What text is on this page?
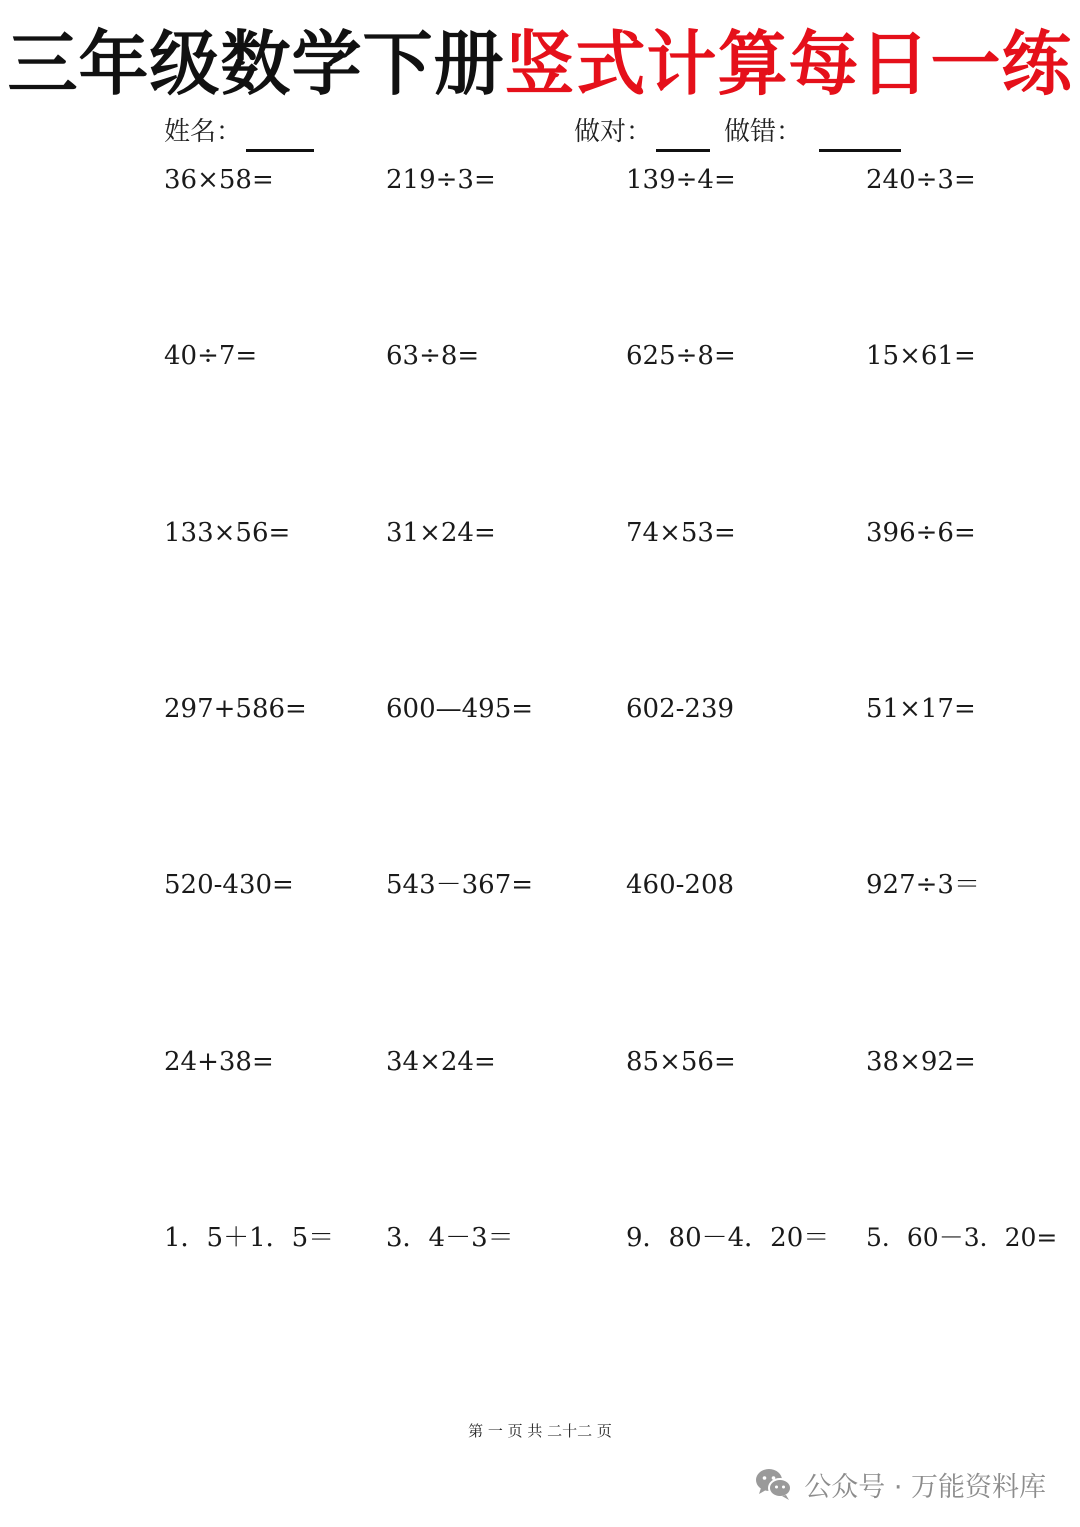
三年级数学下册竖式计算每日一练
姓名：	做对：	做错：
36×58=	219÷3=	139÷4=	240÷3=
40÷7=	63÷8=	625÷8=	15×61=
133×56=	31×24=	74×53=	396÷6=
297+586=	600—495=	602-239	51×17=
520-430=	543－367=	460-208	927÷3＝
24+38=	34×24=	85×56=	38×92=
1．5＋1．5＝ 3．4－3＝	9．80－4．20＝ 5．60－3．20=
第 一 页 共 二十二 页
公众号 · 万能资料库
